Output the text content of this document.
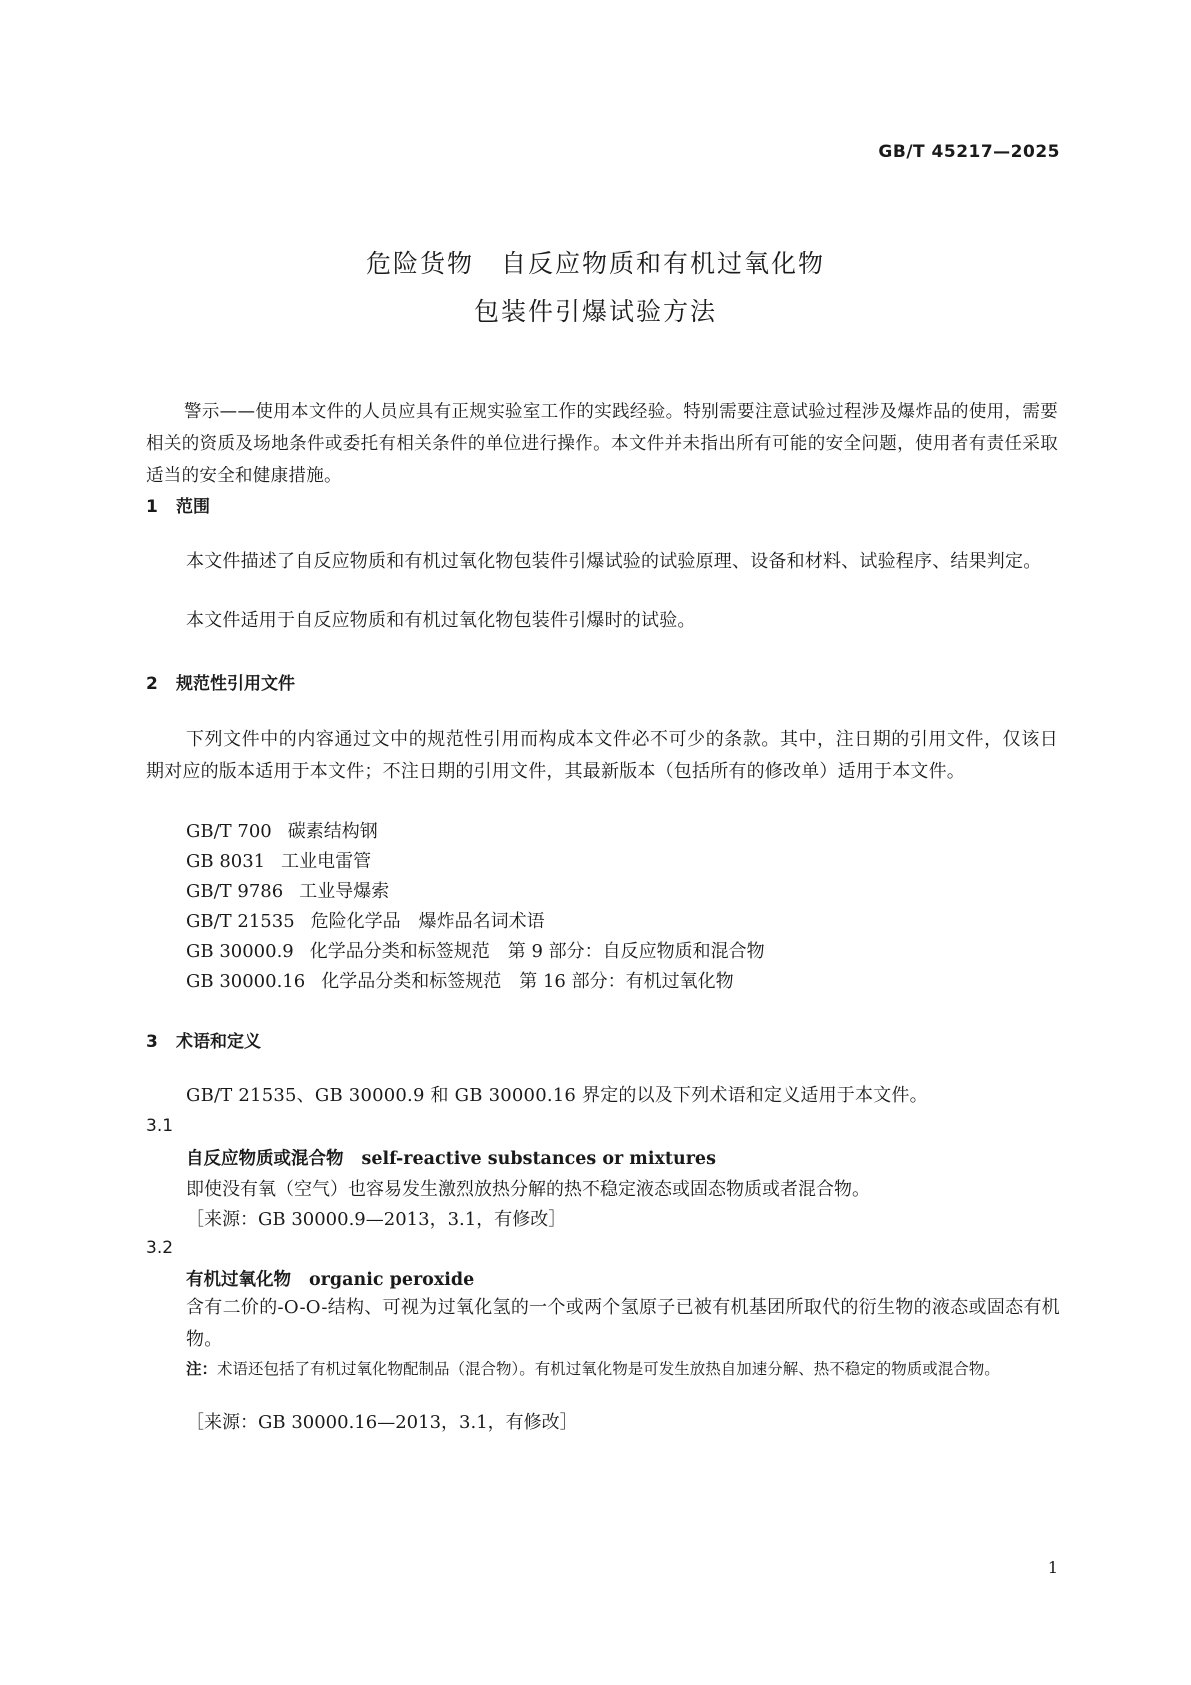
GB/T 45217—2025
危险货物　自反应物质和有机过氧化物
包装件引爆试验方法
警示——使用本文件的人员应具有正规实验室工作的实践经验。特别需要注意试验过程涉及爆炸品的使用，需要相关的资质及场地条件或委托有相关条件的单位进行操作。本文件并未指出所有可能的安全问题，使用者有责任采取适当的安全和健康措施。
1 范围
本文件描述了自反应物质和有机过氧化物包装件引爆试验的试验原理、设备和材料、试验程序、结果判定。
本文件适用于自反应物质和有机过氧化物包装件引爆时的试验。
2 规范性引用文件
下列文件中的内容通过文中的规范性引用而构成本文件必不可少的条款。其中，注日期的引用文件，仅该日期对应的版本适用于本文件；不注日期的引用文件，其最新版本（包括所有的修改单）适用于本文件。
GB/T 700 碳素结构钢
GB 8031 工业电雷管
GB/T 9786 工业导爆索
GB/T 21535 危险化学品　爆炸品名词术语
GB 30000.9 化学品分类和标签规范　第 9 部分：自反应物质和混合物
GB 30000.16 化学品分类和标签规范　第 16 部分：有机过氧化物
3 术语和定义
GB/T 21535、GB 30000.9 和 GB 30000.16 界定的以及下列术语和定义适用于本文件。
3.1
自反应物质或混合物 self-reactive substances or mixtures
即使没有氧（空气）也容易发生激烈放热分解的热不稳定液态或固态物质或者混合物。
［来源：GB 30000.9—2013，3.1，有修改］
3.2
有机过氧化物 organic peroxide
含有二价的-O-O-结构、可视为过氧化氢的一个或两个氢原子已被有机基团所取代的衍生物的液态或固态有机物。
注：术语还包括了有机过氧化物配制品（混合物）。有机过氧化物是可发生放热自加速分解、热不稳定的物质或混合物。
［来源：GB 30000.16—2013，3.1，有修改］
1
